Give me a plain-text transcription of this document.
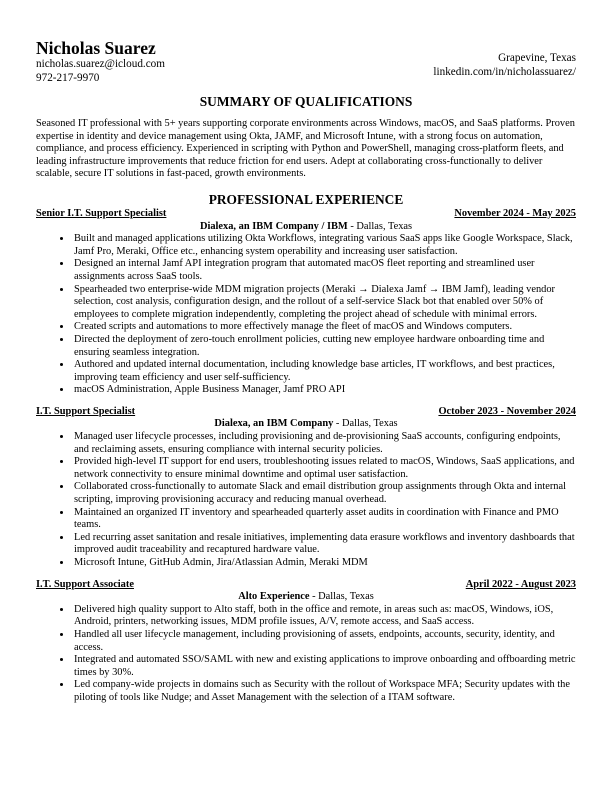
Nicholas Suarez
nicholas.suarez@icloud.com
972-217-9970
Grapevine, Texas
linkedin.com/in/nicholassuarez/
SUMMARY OF QUALIFICATIONS

Seasoned IT professional with 5+ years supporting corporate environments across Windows, macOS, and SaaS platforms. Proven expertise in identity and device management using Okta, JAMF, and Microsoft Intune, with a strong focus on automation, compliance, and process efficiency. Experienced in scripting with Python and PowerShell, managing cross-platform fleets, and leading infrastructure improvements that reduce friction for end users. Adept at collaborating cross-functionally to deliver scalable, secure IT solutions in fast-paced, growth environments.

PROFESSIONAL EXPERIENCE
Senior I.T. Support Specialist	November 2024 - May 2025
Dialexa, an IBM Company / IBM - Dallas, Texas
• Built and managed applications utilizing Okta Workflows, integrating various SaaS apps like Google Workspace, Slack, Jamf Pro, Meraki, Office etc., enhancing system operability and increasing user satisfaction.
• Designed an internal Jamf API integration program that automated macOS fleet reporting and streamlined user assignments across SaaS tools.
• Spearheaded two enterprise-wide MDM migration projects (Meraki → Dialexa Jamf → IBM Jamf), leading vendor selection, cost analysis, configuration design, and the rollout of a self-service Slack bot that enabled over 50% of employees to complete migration independently, completing the project ahead of schedule with minimal errors.
• Created scripts and automations to more effectively manage the fleet of macOS and Windows computers.
• Directed the deployment of zero-touch enrollment policies, cutting new employee hardware onboarding time and ensuring seamless integration.
• Authored and updated internal documentation, including knowledge base articles, IT workflows, and best practices, improving team efficiency and user self-sufficiency.
• macOS Administration, Apple Business Manager, Jamf PRO API
I.T. Support Specialist	October 2023 - November 2024
Dialexa, an IBM Company - Dallas, Texas
• Managed user lifecycle processes, including provisioning and de-provisioning SaaS accounts, configuring endpoints, and reclaiming assets, ensuring compliance with internal security policies.
• Provided high-level IT support for end users, troubleshooting issues related to macOS, Windows, SaaS applications, and network connectivity to ensure minimal downtime and optimal user satisfaction.
• Collaborated cross-functionally to automate Slack and email distribution group assignments through Okta and internal scripting, improving provisioning accuracy and reducing manual overhead.
• Maintained an organized IT inventory and spearheaded quarterly asset audits in coordination with Finance and PMO teams.
• Led recurring asset sanitation and resale initiatives, implementing data erasure workflows and inventory dashboards that improved audit traceability and recaptured hardware value.
• Microsoft Intune, GitHub Admin, Jira/Atlassian Admin, Meraki MDM
I.T. Support Associate	April 2022 - August 2023
Alto Experience - Dallas, Texas
• Delivered high quality support to Alto staff, both in the office and remote, in areas such as: macOS, Windows, iOS, Android, printers, networking issues, MDM profile issues, A/V, remote access, and SaaS access.
• Handled all user lifecycle management, including provisioning of assets, endpoints, accounts, security, identity, and access.
• Integrated and automated SSO/SAML with new and existing applications to improve onboarding and offboarding metric times by 30%.
• Led company-wide projects in domains such as Security with the rollout of Workspace MFA; Security updates with the piloting of tools like Nudge; and Asset Management with the selection of a ITAM software.
